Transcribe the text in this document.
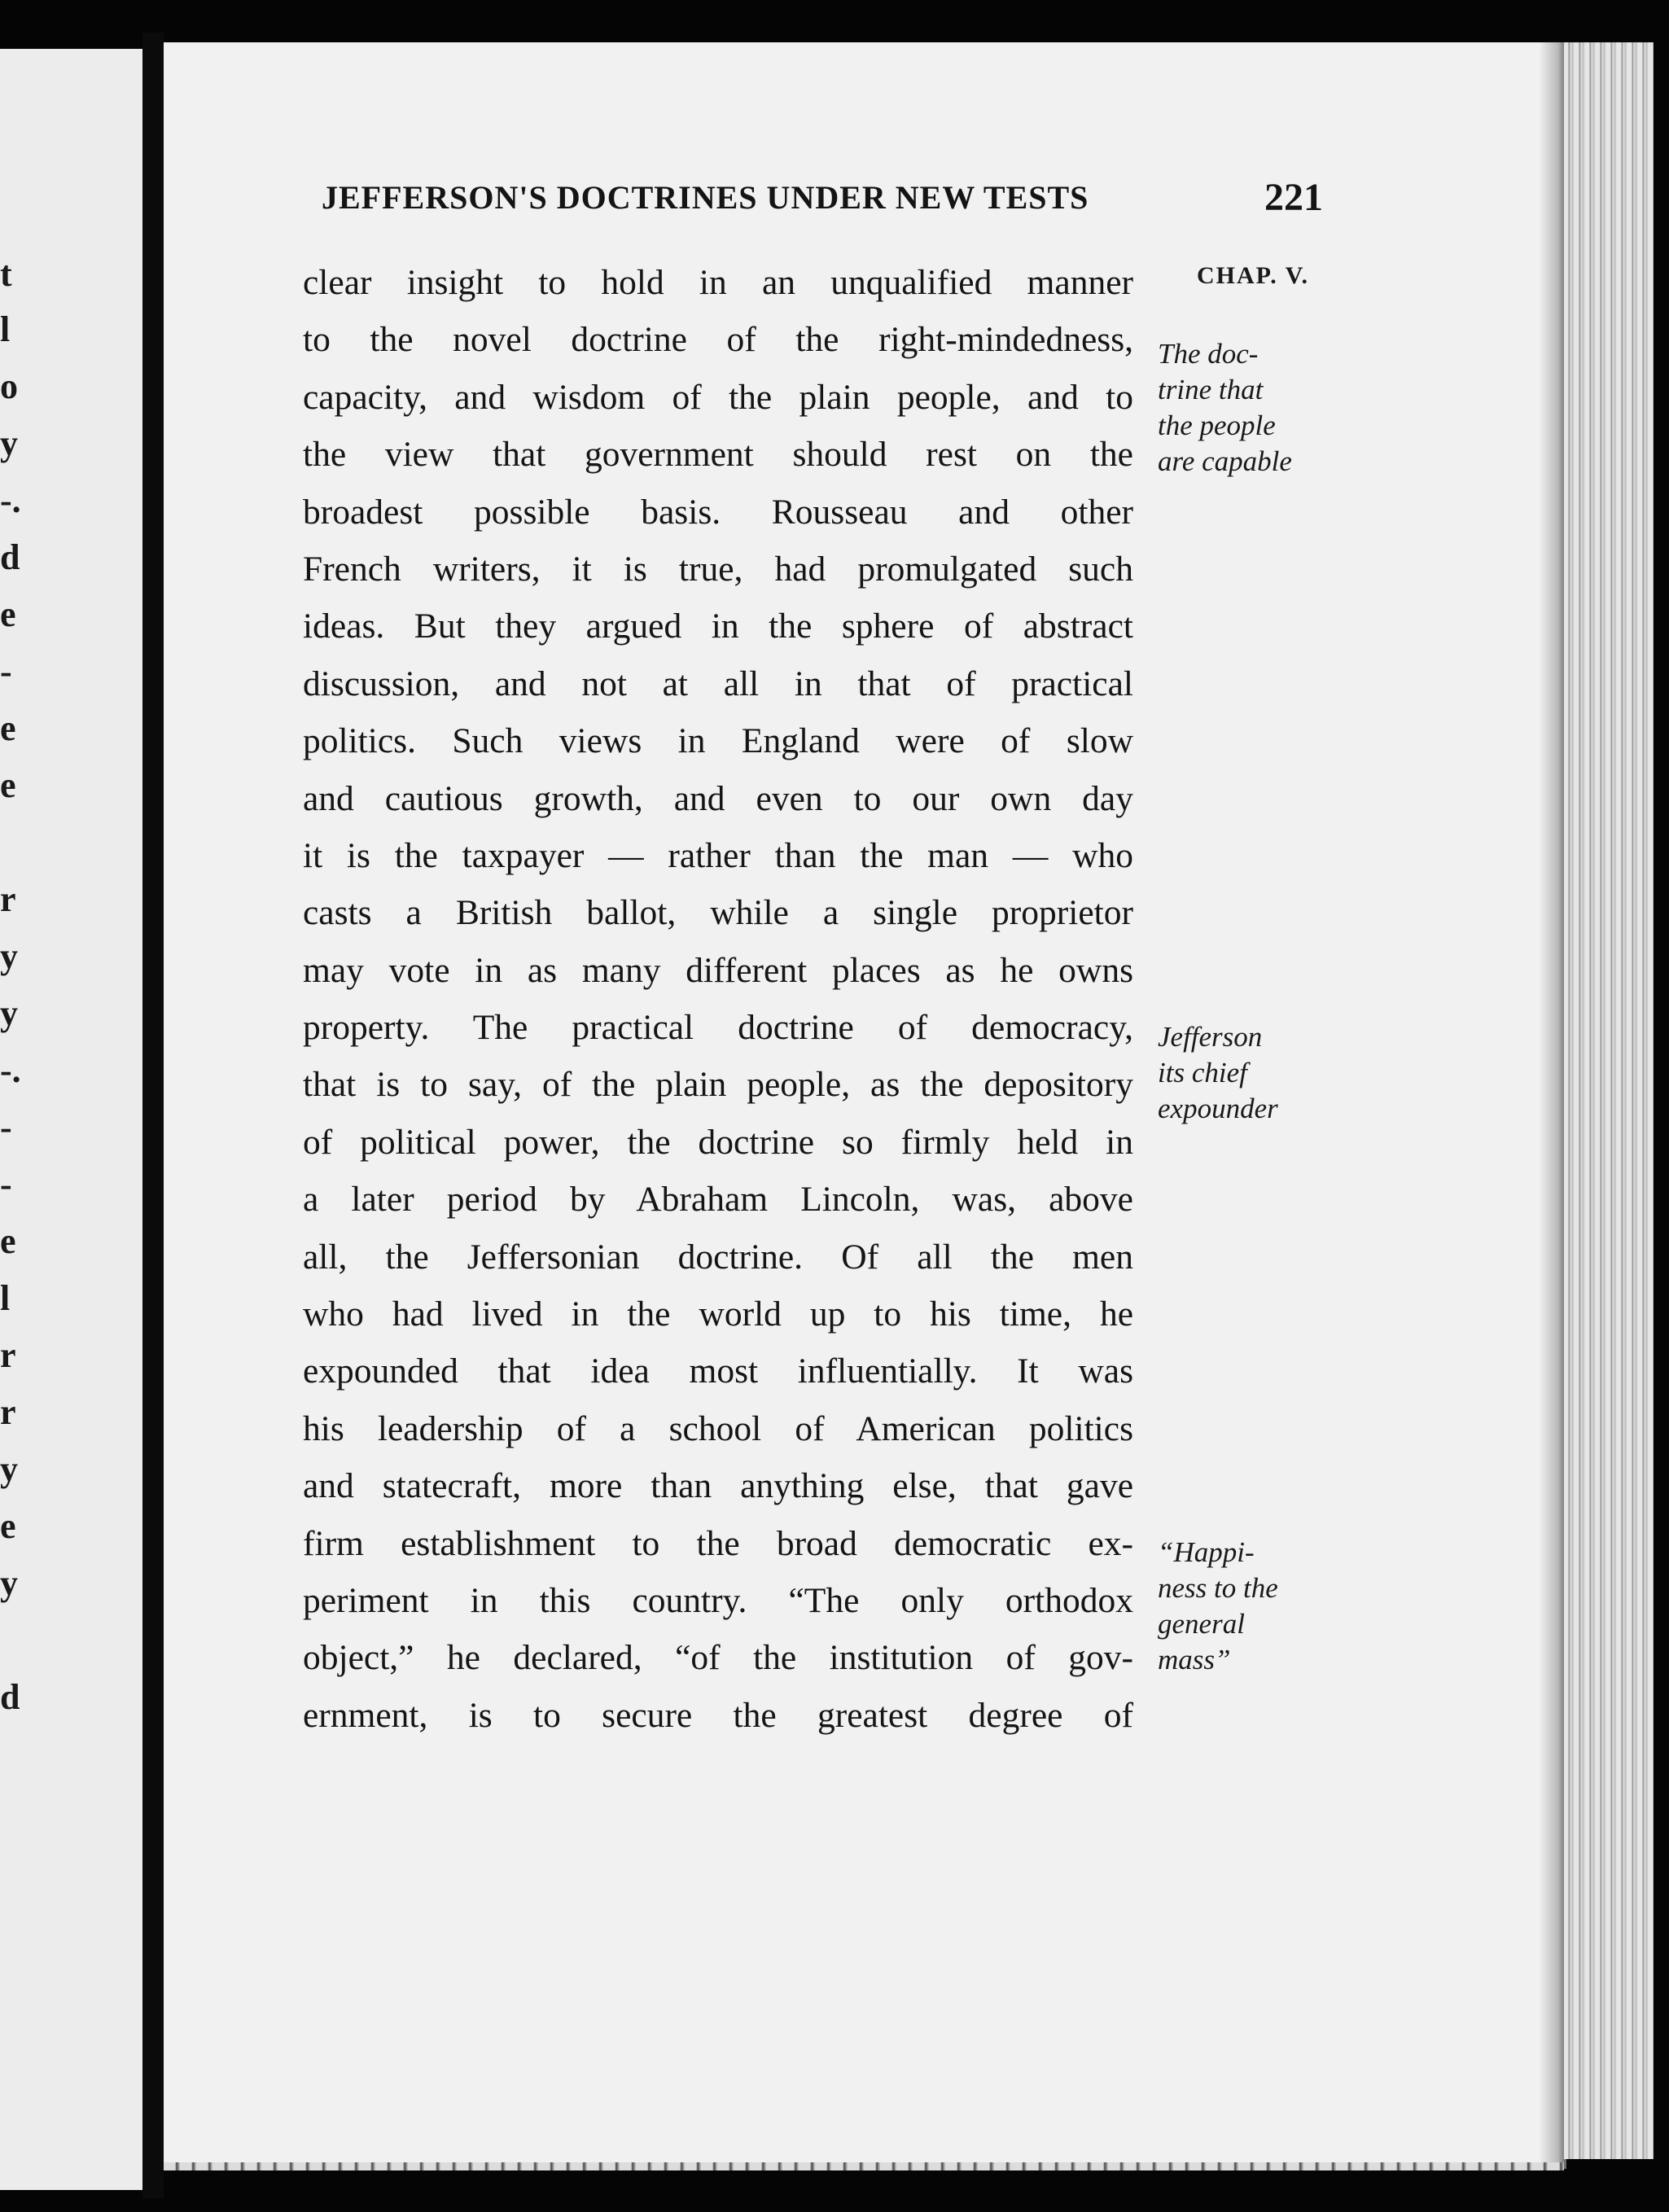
t
l
o
y
-.
d
e
-
e
e
r
y
y
-.
-
-
e
l
r
r
y
e
y
d
JEFFERSON'S DOCTRINES UNDER NEW TESTS	221
CHAP. V.
clear insight to hold in an unqualified manner
to the novel doctrine of the right-mindedness,
capacity, and wisdom of the plain people, and to
the view that government should rest on the
broadest possible basis. Rousseau and other
French writers, it is true, had promulgated such
ideas. But they argued in the sphere of abstract
discussion, and not at all in that of practical
politics. Such views in England were of slow
and cautious growth, and even to our own day
it is the taxpayer — rather than the man — who
casts a British ballot, while a single proprietor
may vote in as many different places as he owns
property. The practical doctrine of democracy,
that is to say, of the plain people, as the depository
of political power, the doctrine so firmly held in
a later period by Abraham Lincoln, was, above
all, the Jeffersonian doctrine. Of all the men
who had lived in the world up to his time, he
expounded that idea most influentially. It was
his leadership of a school of American politics
and statecraft, more than anything else, that gave
firm establishment to the broad democratic ex-
periment in this country. “The only orthodox
object,” he declared, “of the institution of gov-
ernment, is to secure the greatest degree of
The doc-
trine that
the people
are capable
Jefferson
its chief
expounder
“Happi-
ness to the
general
mass”
